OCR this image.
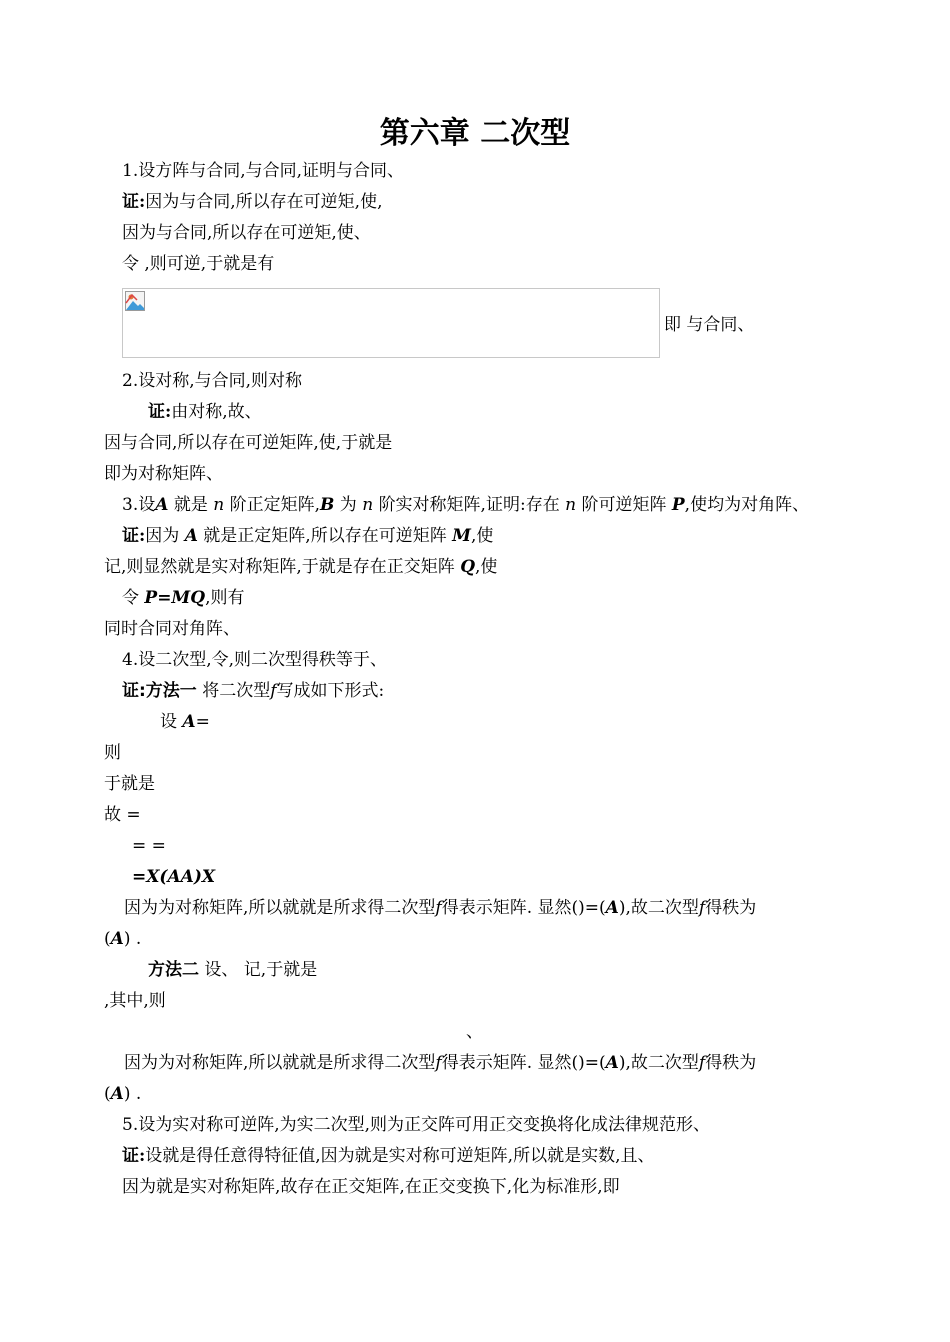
第六章 二次型
1.设方阵与合同,与合同,证明与合同、
证:因为与合同,所以存在可逆矩,使,
因为与合同,所以存在可逆矩,使、
令 ,则可逆,于就是有
即 与合同、
2.设对称,与合同,则对称
证:由对称,故、
因与合同,所以存在可逆矩阵,使,于就是
即为对称矩阵、
3.设A 就是 n 阶正定矩阵,B 为 n 阶实对称矩阵,证明:存在 n 阶可逆矩阵 P,使均为对角阵、
证:因为 A 就是正定矩阵,所以存在可逆矩阵 M,使
记,则显然就是实对称矩阵,于就是存在正交矩阵 Q,使
令 P=MQ,则有
同时合同对角阵、
4.设二次型,令,则二次型得秩等于、
证:方法一 将二次型f写成如下形式:
设 A=
则
于就是
故 =
= =
=X(AA)X
因为为对称矩阵,所以就就是所求得二次型f得表示矩阵. 显然()=(A),故二次型f得秩为
(A) .
方法二 设、 记,于就是
,其中,则
、
因为为对称矩阵,所以就就是所求得二次型f得表示矩阵. 显然()=(A),故二次型f得秩为
(A) .
5.设为实对称可逆阵,为实二次型,则为正交阵可用正交变换将化成法律规范形、
证:设就是得任意得特征值,因为就是实对称可逆矩阵,所以就是实数,且、
因为就是实对称矩阵,故存在正交矩阵,在正交变换下,化为标准形,即
